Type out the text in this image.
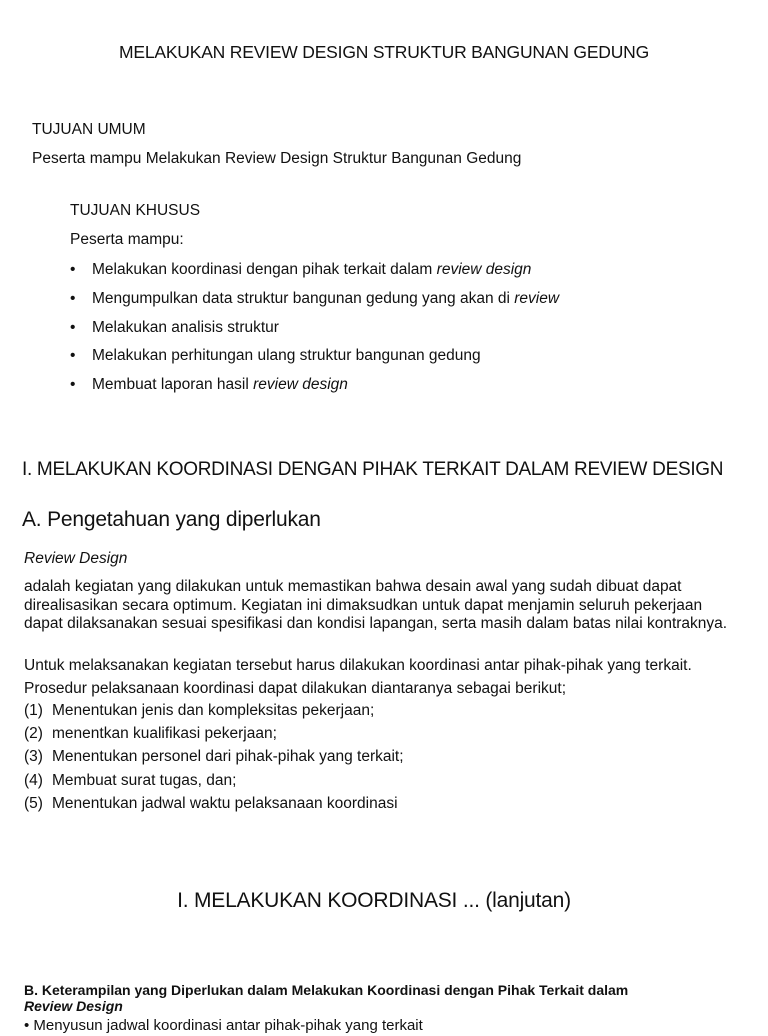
MELAKUKAN REVIEW DESIGN STRUKTUR BANGUNAN GEDUNG
TUJUAN UMUM
Peserta mampu Melakukan Review Design Struktur Bangunan Gedung
TUJUAN KHUSUS
Peserta mampu:
• Melakukan koordinasi dengan pihak terkait dalam review design
• Mengumpulkan data struktur bangunan gedung yang akan di review
• Melakukan analisis struktur
• Melakukan perhitungan ulang struktur bangunan gedung
• Membuat laporan hasil review design
I. MELAKUKAN KOORDINASI DENGAN PIHAK TERKAIT DALAM REVIEW DESIGN
A. Pengetahuan yang diperlukan
Review Design
adalah kegiatan yang dilakukan untuk memastikan bahwa desain awal yang sudah dibuat dapat direalisasikan secara optimum. Kegiatan ini dimaksudkan untuk dapat menjamin seluruh pekerjaan dapat dilaksanakan sesuai spesifikasi dan kondisi lapangan, serta masih dalam batas nilai kontraknya.
Untuk melaksanakan kegiatan tersebut harus dilakukan koordinasi antar pihak-pihak yang terkait. Prosedur pelaksanaan koordinasi dapat dilakukan diantaranya sebagai berikut;
(1) Menentukan jenis dan kompleksitas pekerjaan;
(2) menentkan kualifikasi pekerjaan;
(3) Menentukan personel dari pihak-pihak yang terkait;
(4) Membuat surat tugas, dan;
(5) Menentukan jadwal waktu pelaksanaan koordinasi
I. MELAKUKAN KOORDINASI ... (lanjutan)
B. Keterampilan yang Diperlukan dalam Melakukan Koordinasi dengan Pihak Terkait dalam
Review Design
• Menyusun jadwal koordinasi antar pihak-pihak yang terkait
